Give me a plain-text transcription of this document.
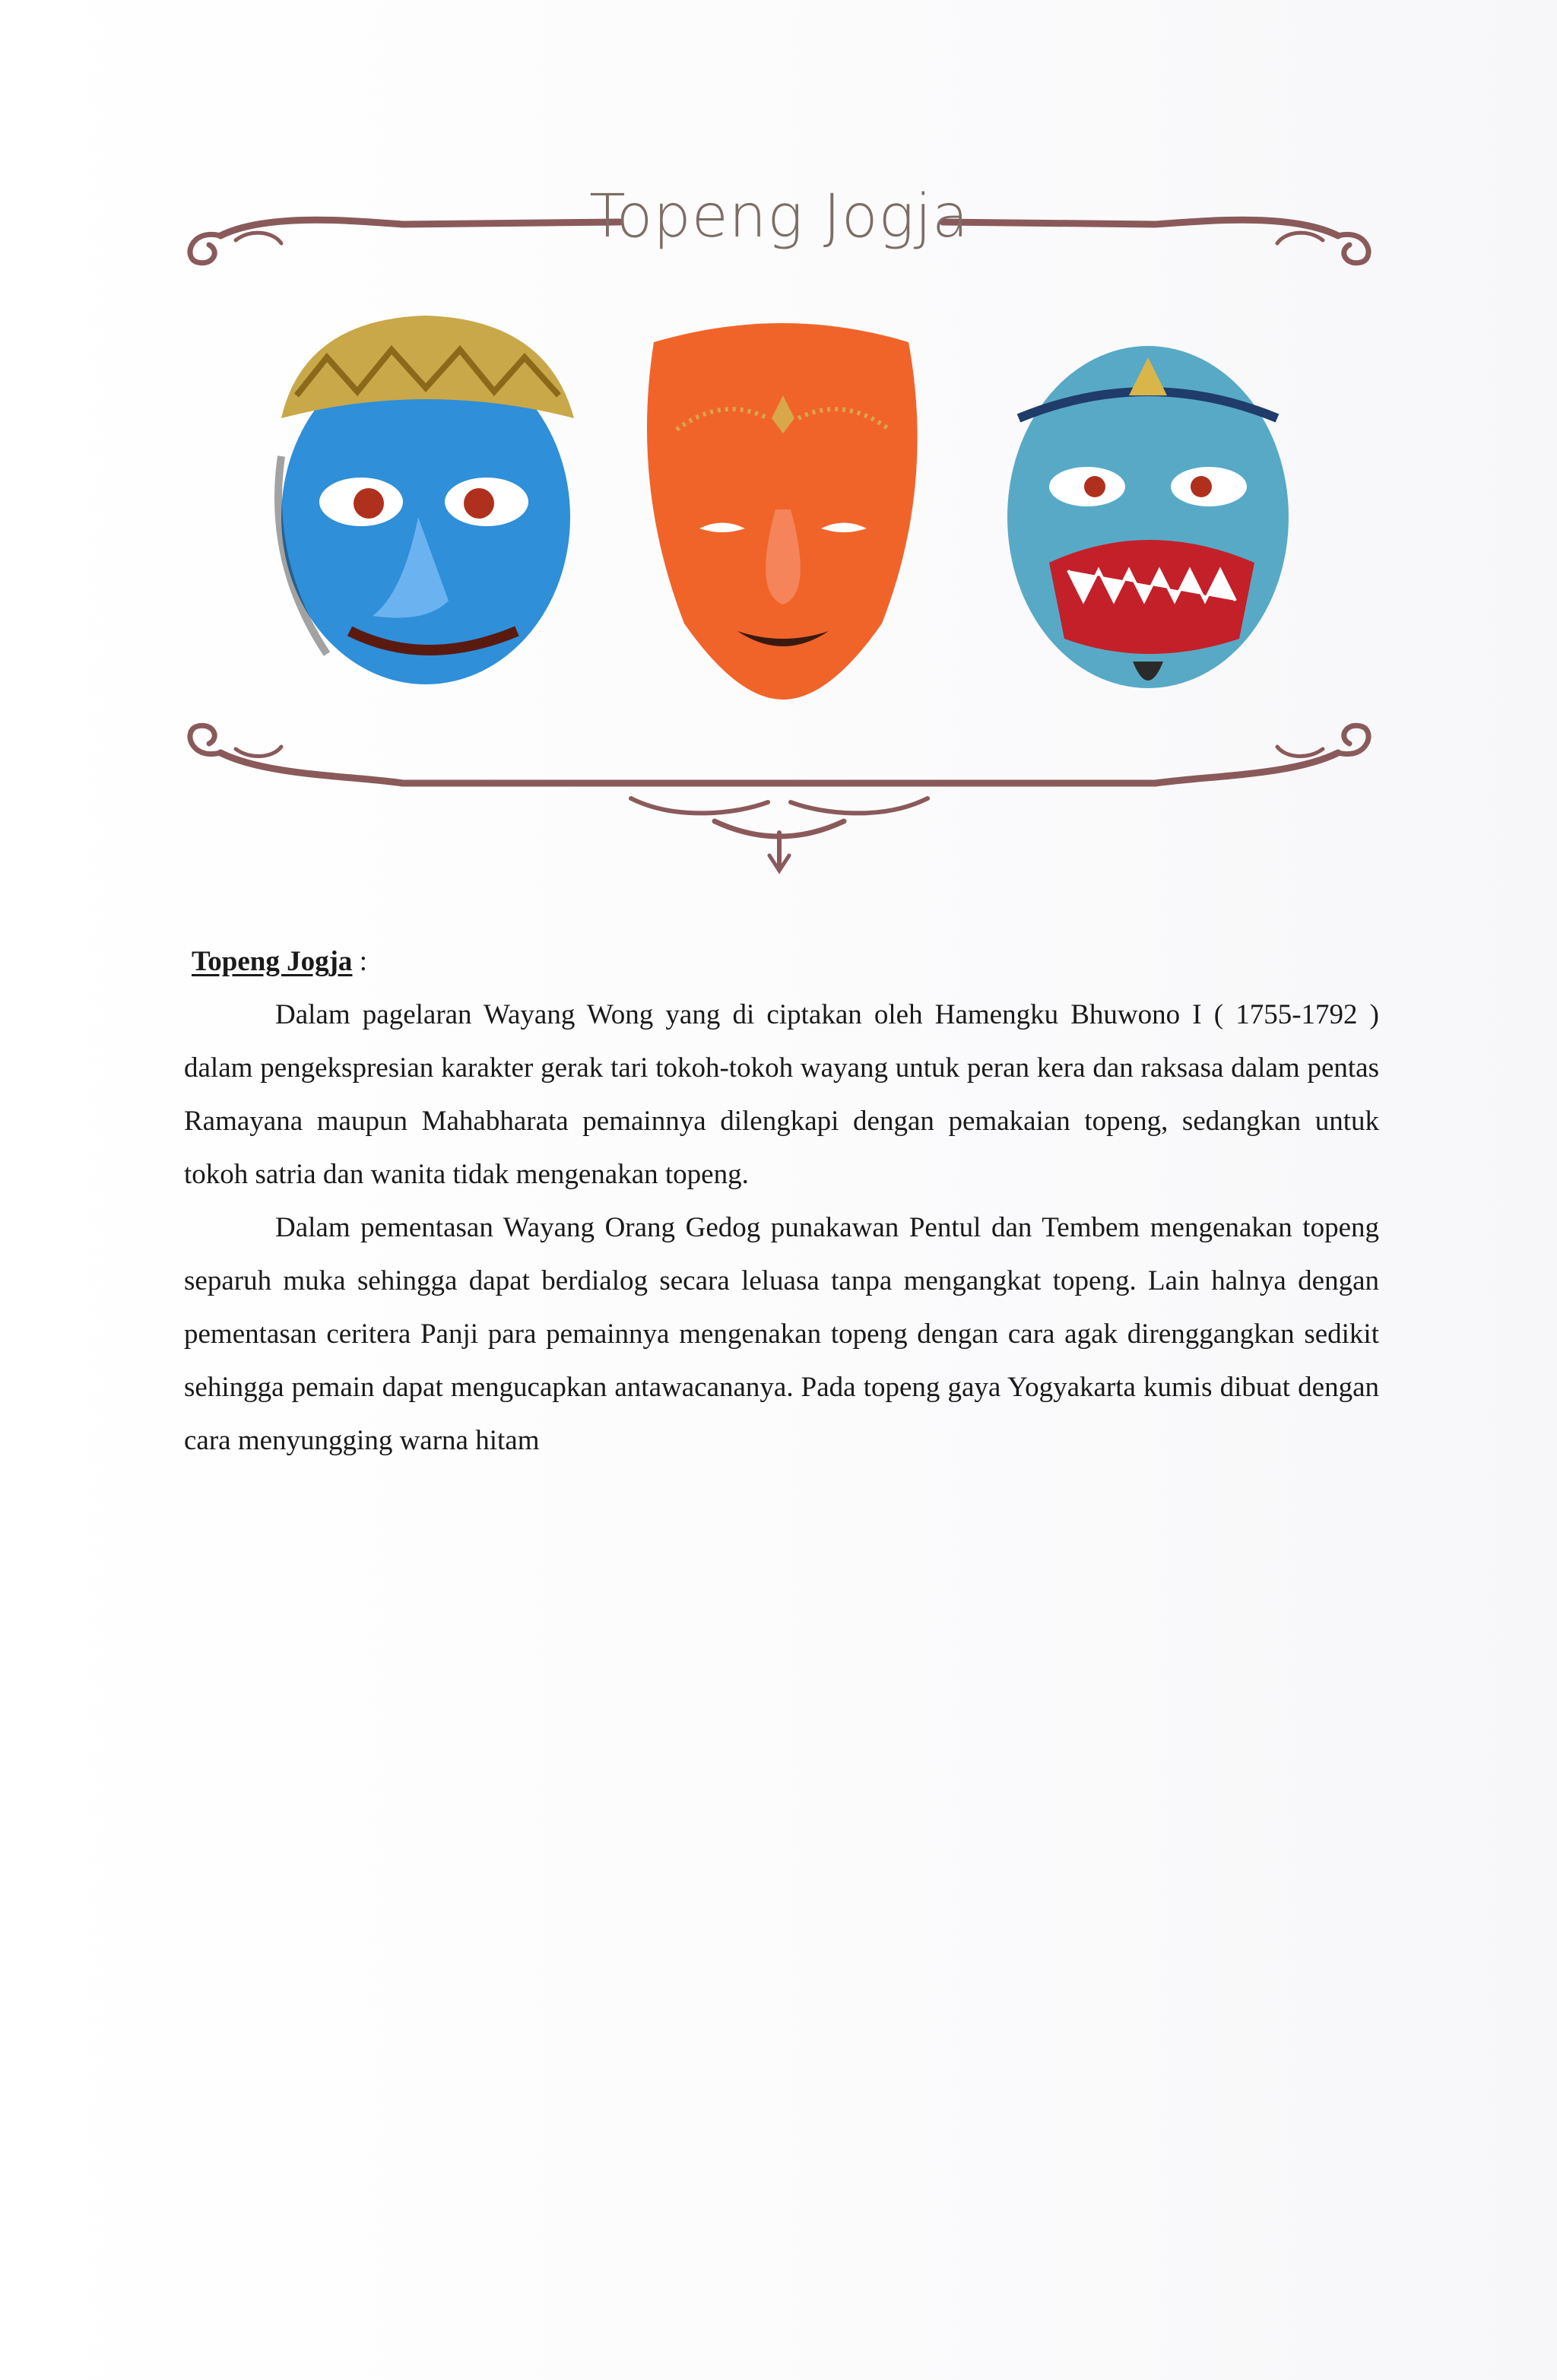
Topeng Jogja

Topeng Jogja :

Dalam pagelaran Wayang Wong yang di ciptakan oleh Hamengku Bhuwono I ( 1755-1792 ) dalam pengekspresian karakter gerak tari tokoh-tokoh wayang untuk peran kera dan raksasa dalam pentas Ramayana maupun Mahabharata pemainnya dilengkapi dengan pemakaian topeng, sedangkan untuk tokoh satria dan wanita tidak mengenakan topeng.

Dalam pementasan Wayang Orang Gedog punakawan Pentul dan Tembem mengenakan topeng separuh muka sehingga dapat berdialog secara leluasa tanpa mengangkat topeng. Lain halnya dengan pementasan ceritera Panji para pemainnya mengenakan topeng dengan cara agak direnggangkan sedikit sehingga pemain dapat mengucapkan antawacananya. Pada topeng gaya Yogyakarta kumis dibuat dengan cara menyungging warna hitam
